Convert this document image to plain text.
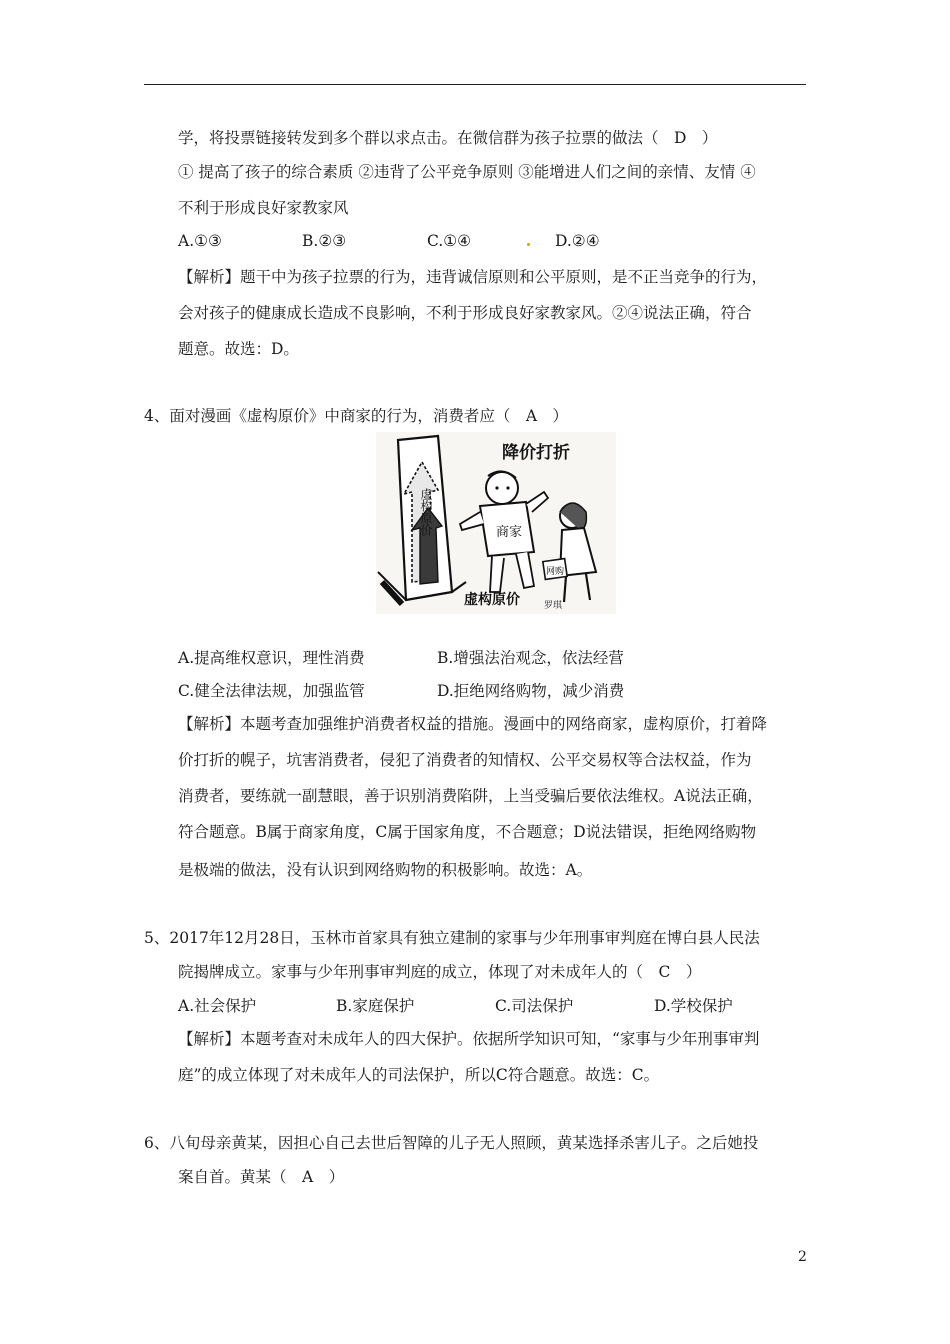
学，将投票链接转发到多个群以求点击。在微信群为孩子拉票的做法（　D　）
① 提高了孩子的综合素质 ②违背了公平竞争原则 ③能增进人们之间的亲情、友情 ④
不利于形成良好家教家风
A.①③	B.②③	C.①④	D.②④
【解析】题干中为孩子拉票的行为，违背诚信原则和公平原则，是不正当竞争的行为，
会对孩子的健康成长造成不良影响，不利于形成良好家教家风。②④说法正确，符合
题意。故选：D。
4、面对漫画《虚构原价》中商家的行为，消费者应（　A　）
虚构原价	商家
降价打折
网购
虚构原价	罗琪
A.提高维权意识，理性消费	B.增强法治观念，依法经营
C.健全法律法规，加强监管	D.拒绝网络购物，减少消费
【解析】本题考查加强维护消费者权益的措施。漫画中的网络商家，虚构原价，打着降
价打折的幌子，坑害消费者，侵犯了消费者的知情权、公平交易权等合法权益，作为
消费者，要练就一副慧眼，善于识别消费陷阱，上当受骗后要依法维权。A说法正确，
符合题意。B属于商家角度，C属于国家角度，不合题意；D说法错误，拒绝网络购物
是极端的做法，没有认识到网络购物的积极影响。故选：A。
5、2017年12月28日，玉林市首家具有独立建制的家事与少年刑事审判庭在博白县人民法
院揭牌成立。家事与少年刑事审判庭的成立，体现了对未成年人的（　C　）
A.社会保护	B.家庭保护	C.司法保护	D.学校保护
【解析】本题考查对未成年人的四大保护。依据所学知识可知，“家事与少年刑事审判
庭”的成立体现了对未成年人的司法保护，所以C符合题意。故选：C。
6、八旬母亲黄某，因担心自己去世后智障的儿子无人照顾，黄某选择杀害儿子。之后她投
案自首。黄某（　A　）
2
